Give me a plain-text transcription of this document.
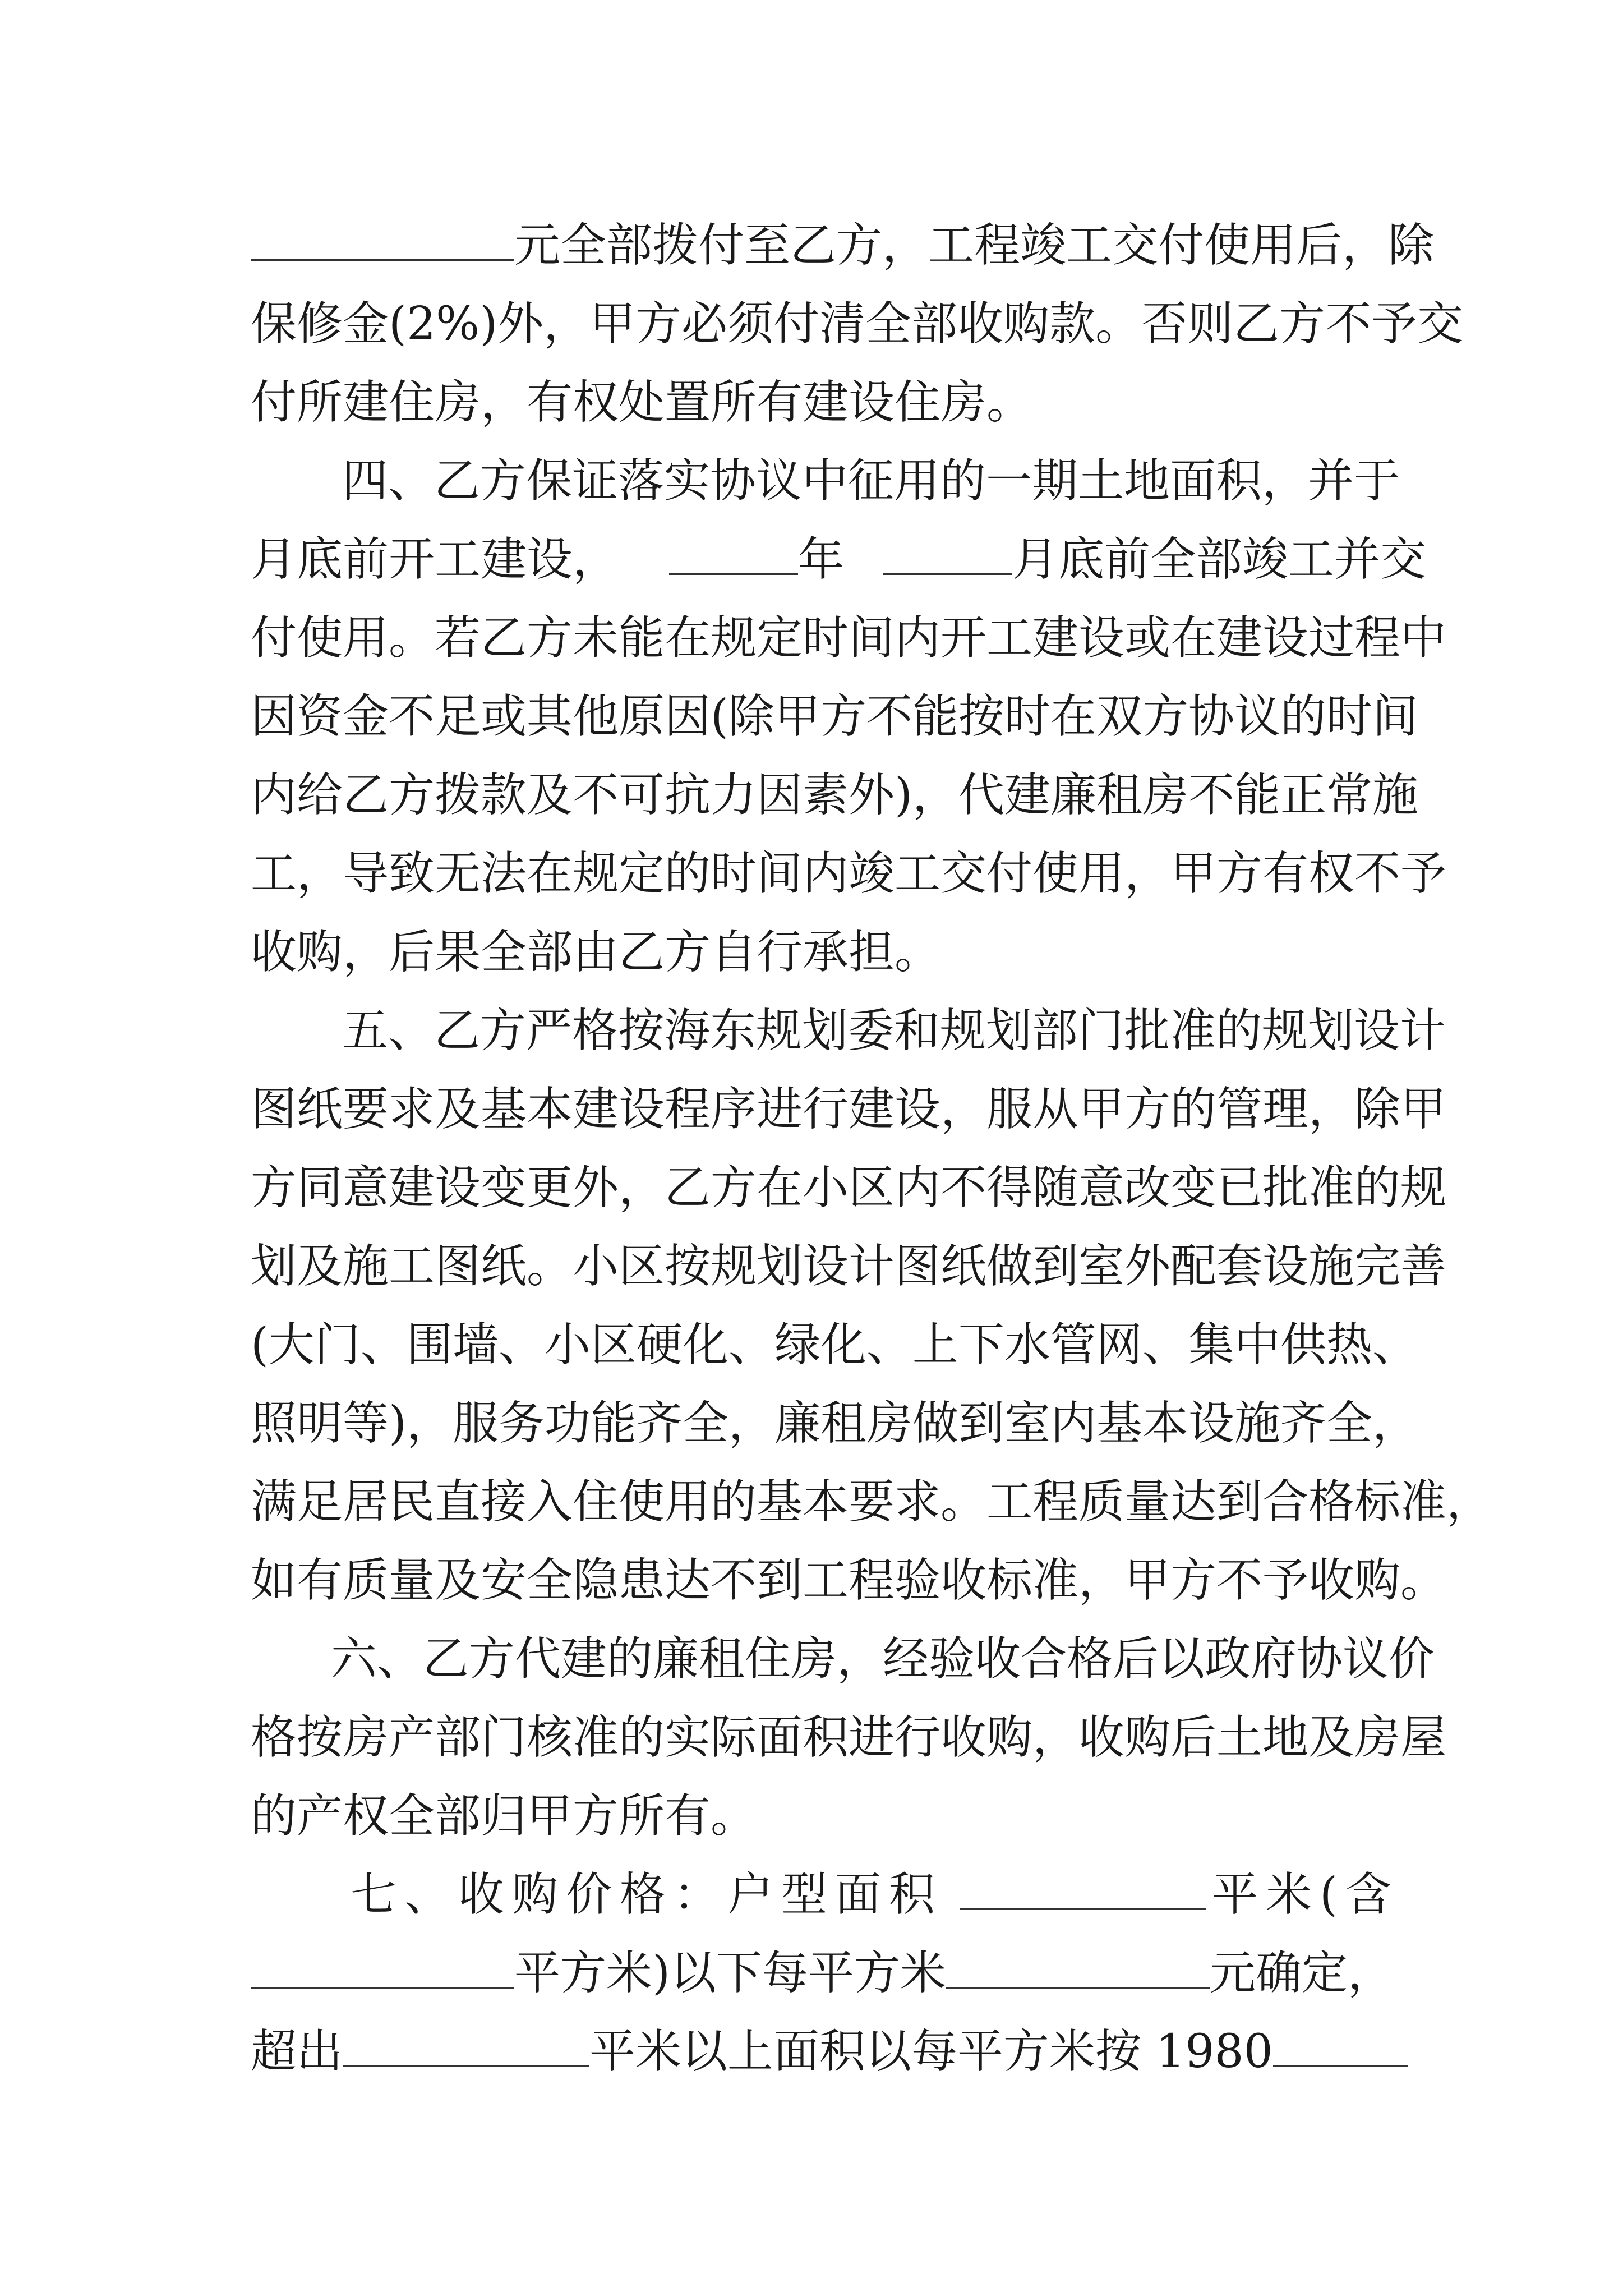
元全部拨付至乙方，工程竣工交付使用后，除
保修金(2%)外，甲方必须付清全部收购款。否则乙方不予交
付所建住房，有权处置所有建设住房。
四、乙方保证落实协议中征用的一期土地面积，并于
月底前开工建设，	年	月底前全部竣工并交
付使用。若乙方未能在规定时间内开工建设或在建设过程中
因资金不足或其他原因(除甲方不能按时在双方协议的时间
内给乙方拨款及不可抗力因素外)，代建廉租房不能正常施
工，导致无法在规定的时间内竣工交付使用，甲方有权不予
收购，后果全部由乙方自行承担。
五、乙方严格按海东规划委和规划部门批准的规划设计
图纸要求及基本建设程序进行建设，服从甲方的管理，除甲
方同意建设变更外，乙方在小区内不得随意改变已批准的规
划及施工图纸。小区按规划设计图纸做到室外配套设施完善
(大门、围墙、小区硬化、绿化、上下水管网、集中供热、
照明等)，服务功能齐全，廉租房做到室内基本设施齐全，
满足居民直接入住使用的基本要求。工程质量达到合格标准，
如有质量及安全隐患达不到工程验收标准，甲方不予收购。
六、乙方代建的廉租住房，经验收合格后以政府协议价
格按房产部门核准的实际面积进行收购，收购后土地及房屋
的产权全部归甲方所有。
七、收购价格：户型面积	平米(含
平方米)以下每平方米	元确定，
超出	平米以上面积以每平方米按 1980
